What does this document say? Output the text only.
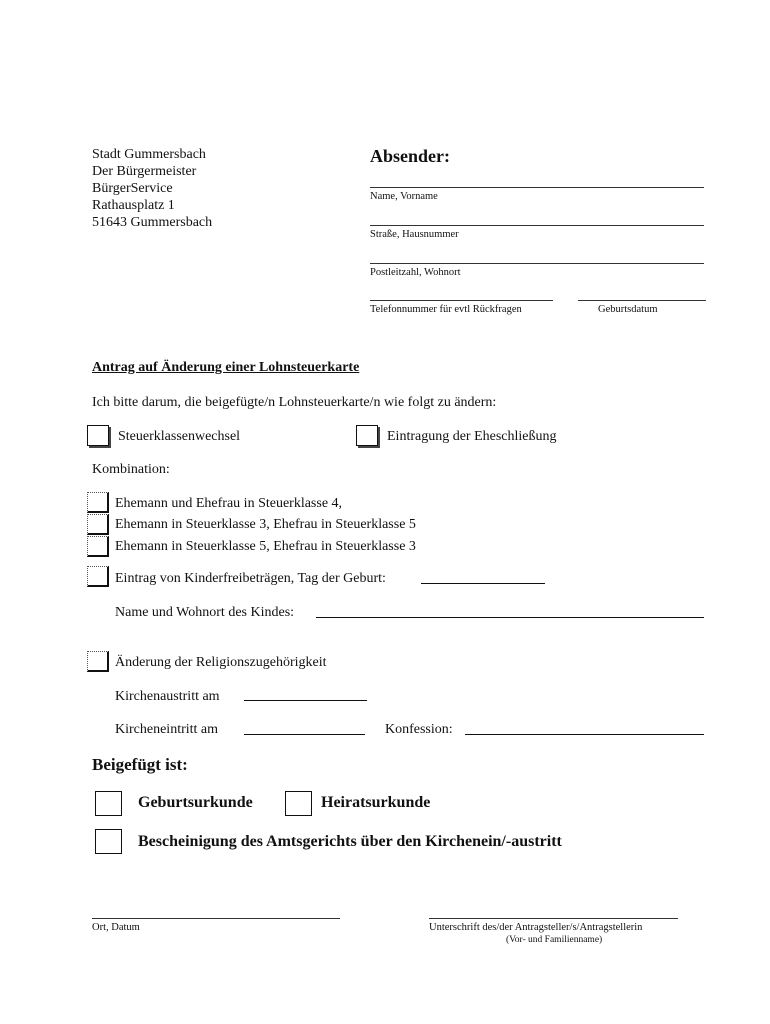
Stadt Gummersbach
Der Bürgermeister
BürgerService
Rathausplatz 1
51643 Gummersbach
Absender:
Name, Vorname
Straße, Hausnummer
Postleitzahl, Wohnort
Telefonnummer für evtl Rückfragen	Geburtsdatum
Antrag auf Änderung einer Lohnsteuerkarte
Ich bitte darum, die beigefügte/n Lohnsteuerkarte/n wie folgt zu ändern:
Steuerklassenwechsel	Eintragung der Eheschließung
Kombination:
Ehemann und Ehefrau in Steuerklasse 4,
Ehemann in Steuerklasse 3, Ehefrau in Steuerklasse 5
Ehemann in Steuerklasse 5, Ehefrau in Steuerklasse 3
Eintrag von Kinderfreibeträgen, Tag der Geburt:
Name und Wohnort des Kindes:
Änderung der Religionszugehörigkeit
Kirchenaustritt am
Kircheneintritt am	Konfession:
Beigefügt ist:
Geburtsurkunde	Heiratsurkunde
Bescheinigung des Amtsgerichts über den Kirchenein/-austritt
Ort, Datum	Unterschrift des/der Antragsteller/s/Antragstellerin
(Vor- und Familienname)
